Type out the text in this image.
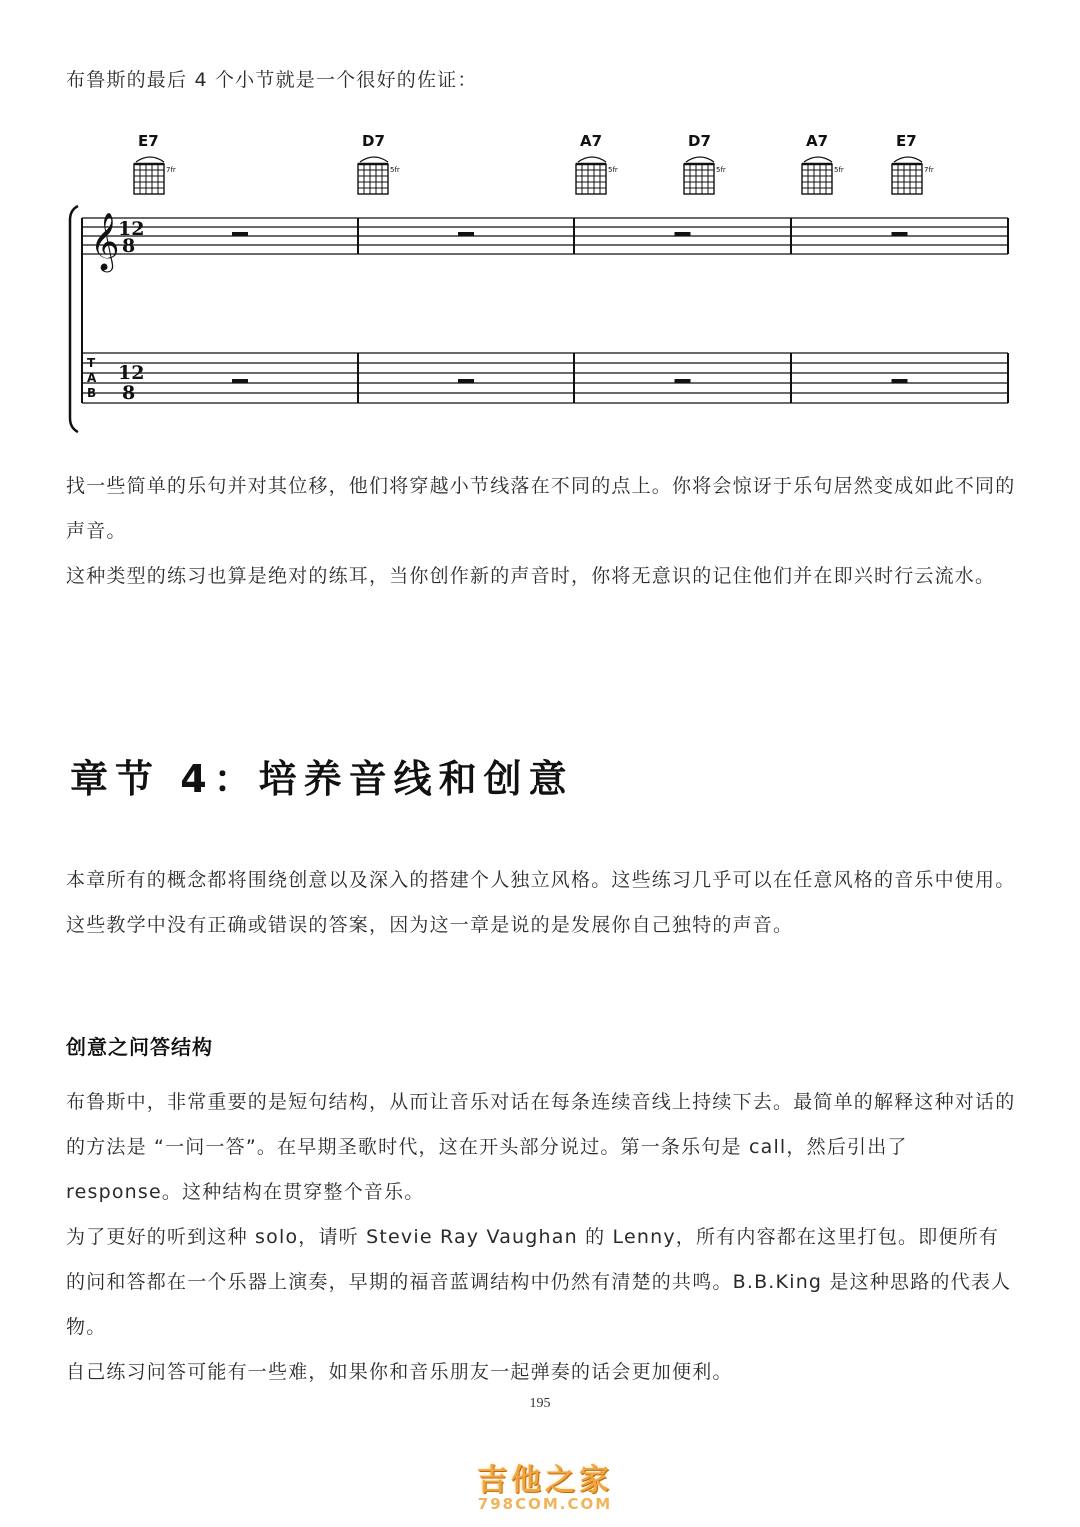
布鲁斯的最后 4 个小节就是一个很好的佐证：

E7
7fr
D7
5fr
A7
5fr
D7
5fr
A7
5fr
E7
7fr
𝄞
12
8
12
8
T
A
B
找一些简单的乐句并对其位移，他们将穿越小节线落在不同的点上。你将会惊讶于乐句居然变成如此不同的声音。
这种类型的练习也算是绝对的练耳，当你创作新的声音时，你将无意识的记住他们并在即兴时行云流水。
章节 4：培养音线和创意
本章所有的概念都将围绕创意以及深入的搭建个人独立风格。这些练习几乎可以在任意风格的音乐中使用。这些教学中没有正确或错误的答案，因为这一章是说的是发展你自己独特的声音。
创意之问答结构
布鲁斯中，非常重要的是短句结构，从而让音乐对话在每条连续音线上持续下去。最简单的解释这种对话的的方法是 “一问一答”。在早期圣歌时代，这在开头部分说过。第一条乐句是 call，然后引出了 response。这种结构在贯穿整个音乐。
为了更好的听到这种 solo，请听 Stevie Ray Vaughan 的 Lenny，所有内容都在这里打包。即便所有的问和答都在一个乐器上演奏，早期的福音蓝调结构中仍然有清楚的共鸣。B.B.King 是这种思路的代表人物。
自己练习问答可能有一些难，如果你和音乐朋友一起弹奏的话会更加便利。
195
吉他之家
798COM.COM
